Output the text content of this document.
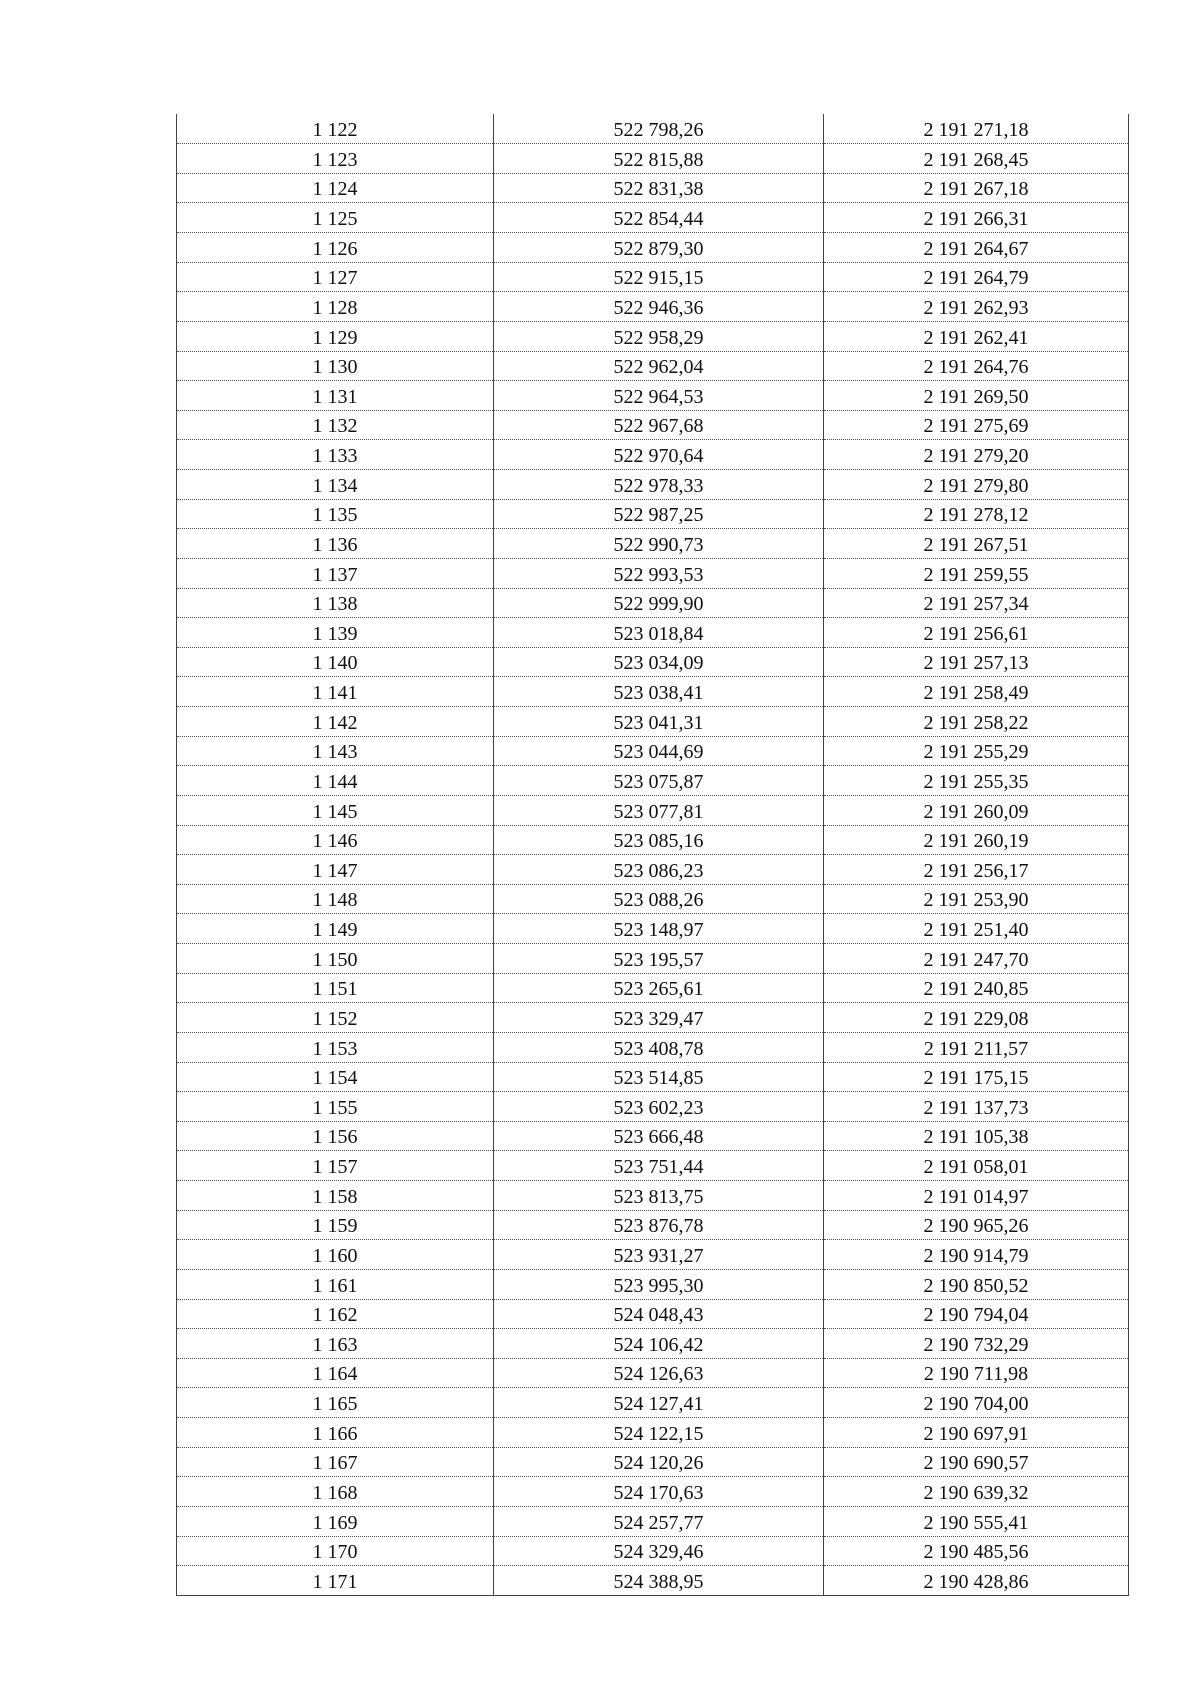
1 122	522 798,26	2 191 271,18
1 123	522 815,88	2 191 268,45
1 124	522 831,38	2 191 267,18
1 125	522 854,44	2 191 266,31
1 126	522 879,30	2 191 264,67
1 127	522 915,15	2 191 264,79
1 128	522 946,36	2 191 262,93
1 129	522 958,29	2 191 262,41
1 130	522 962,04	2 191 264,76
1 131	522 964,53	2 191 269,50
1 132	522 967,68	2 191 275,69
1 133	522 970,64	2 191 279,20
1 134	522 978,33	2 191 279,80
1 135	522 987,25	2 191 278,12
1 136	522 990,73	2 191 267,51
1 137	522 993,53	2 191 259,55
1 138	522 999,90	2 191 257,34
1 139	523 018,84	2 191 256,61
1 140	523 034,09	2 191 257,13
1 141	523 038,41	2 191 258,49
1 142	523 041,31	2 191 258,22
1 143	523 044,69	2 191 255,29
1 144	523 075,87	2 191 255,35
1 145	523 077,81	2 191 260,09
1 146	523 085,16	2 191 260,19
1 147	523 086,23	2 191 256,17
1 148	523 088,26	2 191 253,90
1 149	523 148,97	2 191 251,40
1 150	523 195,57	2 191 247,70
1 151	523 265,61	2 191 240,85
1 152	523 329,47	2 191 229,08
1 153	523 408,78	2 191 211,57
1 154	523 514,85	2 191 175,15
1 155	523 602,23	2 191 137,73
1 156	523 666,48	2 191 105,38
1 157	523 751,44	2 191 058,01
1 158	523 813,75	2 191 014,97
1 159	523 876,78	2 190 965,26
1 160	523 931,27	2 190 914,79
1 161	523 995,30	2 190 850,52
1 162	524 048,43	2 190 794,04
1 163	524 106,42	2 190 732,29
1 164	524 126,63	2 190 711,98
1 165	524 127,41	2 190 704,00
1 166	524 122,15	2 190 697,91
1 167	524 120,26	2 190 690,57
1 168	524 170,63	2 190 639,32
1 169	524 257,77	2 190 555,41
1 170	524 329,46	2 190 485,56
1 171	524 388,95	2 190 428,86
